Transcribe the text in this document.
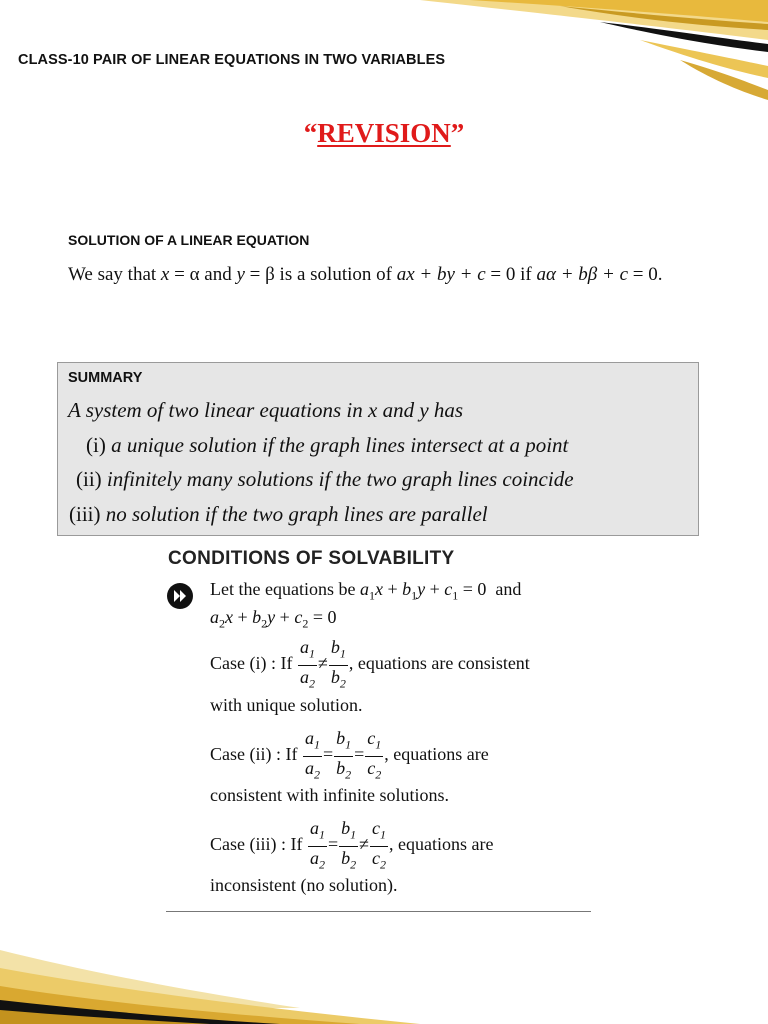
CLASS-10 PAIR OF LINEAR EQUATIONS IN TWO VARIABLES
“REVISION”
SOLUTION OF A LINEAR EQUATION
We say that x = α and y = β is a solution of ax + by + c = 0 if aα + bβ + c = 0.
SUMMARY
A system of two linear equations in x and y has
(i) a unique solution if the graph lines intersect at a point
(ii) infinitely many solutions if the two graph lines coincide
(iii) no solution if the two graph lines are parallel
CONDITIONS OF SOLVABILITY
Let the equations be $a_1x + b_1y + c_1 = 0$  and
$a_2x + b_2y + c_2 = 0$
Case (i) : If $\frac{a_1}{a_2} \ne \frac{b_1}{b_2}$ , equations are consistent
with unique solution.
Case (ii) : If $\frac{a_1}{a_2} = \frac{b_1}{b_2} = \frac{c_1}{c_2}$ , equations are
consistent with infinite solutions.
Case (iii) : If $\frac{a_1}{a_2} = \frac{b_1}{b_2} \ne \frac{c_1}{c_2}$ , equations are
inconsistent (no solution).
